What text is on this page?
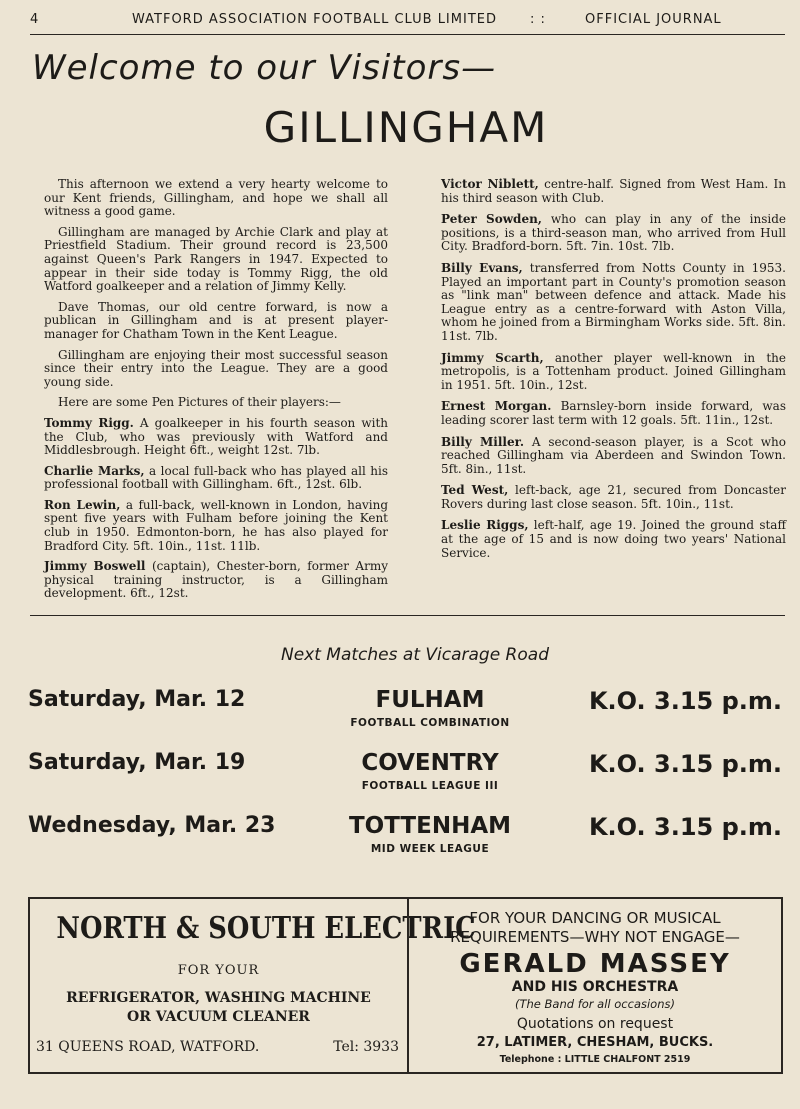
4	WATFORD ASSOCIATION FOOTBALL CLUB LIMITED	: :	OFFICIAL JOURNAL
Welcome to our Visitors—
GILLINGHAM

This afternoon we extend a very hearty welcome to our Kent friends, Gillingham, and hope we shall all witness a good game.

Gillingham are managed by Archie Clark and play at Priestfield Stadium. Their ground record is 23,500 against Queen's Park Rangers in 1947. Expected to appear in their side today is Tommy Rigg, the old Watford goalkeeper and a relation of Jimmy Kelly.

Dave Thomas, our old centre forward, is now a publican in Gillingham and is at present player-manager for Chatham Town in the Kent League.

Gillingham are enjoying their most successful season since their entry into the League. They are a good young side.

Here are some Pen Pictures of their players:—

Tommy Rigg. A goalkeeper in his fourth season with the Club, who was previously with Watford and Middlesbrough. Height 6ft., weight 12st. 7lb.

Charlie Marks, a local full-back who has played all his professional football with Gillingham. 6ft., 12st. 6lb.

Ron Lewin, a full-back, well-known in London, having spent five years with Fulham before joining the Kent club in 1950. Edmonton-born, he has also played for Bradford City. 5ft. 10in., 11st. 11lb.

Jimmy Boswell (captain), Chester-born, former Army physical training instructor, is a Gillingham development. 6ft., 12st.

Victor Niblett, centre-half. Signed from West Ham. In his third season with Club.

Peter Sowden, who can play in any of the inside positions, is a third-season man, who arrived from Hull City. Bradford-born. 5ft. 7in. 10st. 7lb.

Billy Evans, transferred from Notts County in 1953. Played an important part in County's promotion season as "link man" between defence and attack. Made his League entry as a centre-forward with Aston Villa, whom he joined from a Birmingham Works side. 5ft. 8in. 11st. 7lb.

Jimmy Scarth, another player well-known in the metropolis, is a Tottenham product. Joined Gillingham in 1951. 5ft. 10in., 12st.

Ernest Morgan. Barnsley-born inside forward, was leading scorer last term with 12 goals. 5ft. 11in., 12st.

Billy Miller. A second-season player, is a Scot who reached Gillingham via Aberdeen and Swindon Town. 5ft. 8in., 11st.

Ted West, left-back, age 21, secured from Doncaster Rovers during last close season. 5ft. 10in., 11st.

Leslie Riggs, left-half, age 19. Joined the ground staff at the age of 15 and is now doing two years' National Service.

Next Matches at Vicarage Road
Saturday, Mar. 12	FULHAM
FOOTBALL COMBINATION
K.O. 3.15 p.m.
Saturday, Mar. 19	COVENTRY
FOOTBALL LEAGUE III
K.O. 3.15 p.m.
Wednesday, Mar. 23	TOTTENHAM
MID WEEK LEAGUE
K.O. 3.15 p.m.
NORTH & SOUTH ELECTRIC
FOR YOUR
REFRIGERATOR, WASHING MACHINE
OR VACUUM CLEANER
31 QUEENS ROAD, WATFORD.	Tel: 3933
FOR YOUR DANCING OR MUSICAL
REQUIREMENTS—WHY NOT ENGAGE—
GERALD MASSEY
AND HIS ORCHESTRA
(The Band for all occasions)
Quotations on request
27, LATIMER, CHESHAM, BUCKS.
Telephone : LITTLE CHALFONT 2519
